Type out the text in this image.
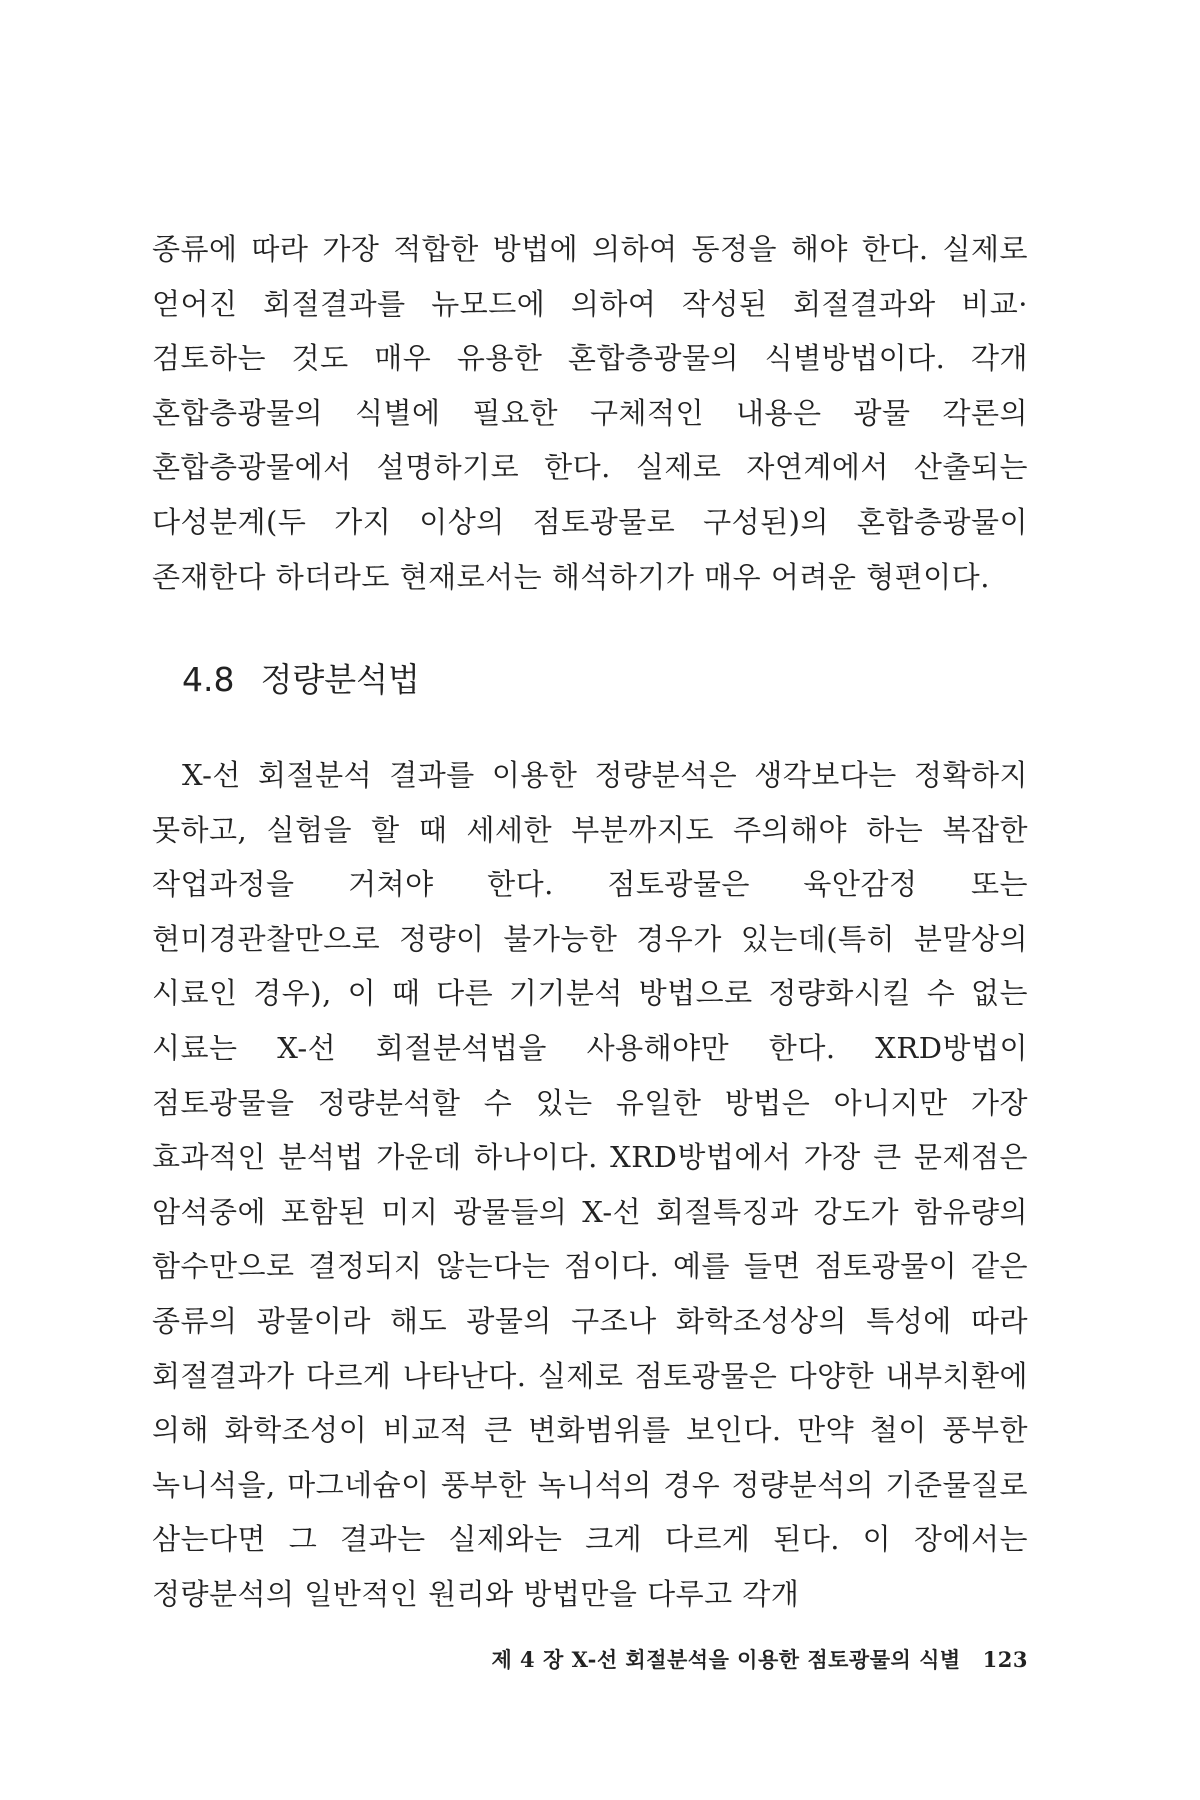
종류에 따라 가장 적합한 방법에 의하여 동정을 해야 한다. 실제로 얻어진 회절결과를 뉴모드에 의하여 작성된 회절결과와 비교·검토하는 것도 매우 유용한 혼합층광물의 식별방법이다. 각개 혼합층광물의 식별에 필요한 구체적인 내용은 광물 각론의 혼합층광물에서 설명하기로 한다. 실제로 자연계에서 산출되는 다성분계(두 가지 이상의 점토광물로 구성된)의 혼합층광물이 존재한다 하더라도 현재로서는 해석하기가 매우 어려운 형편이다.

4.8 정량분석법

X-선 회절분석 결과를 이용한 정량분석은 생각보다는 정확하지 못하고, 실험을 할 때 세세한 부분까지도 주의해야 하는 복잡한 작업과정을 거쳐야 한다. 점토광물은 육안감정 또는 현미경관찰만으로 정량이 불가능한 경우가 있는데(특히 분말상의 시료인 경우), 이 때 다른 기기분석 방법으로 정량화시킬 수 없는 시료는 X-선 회절분석법을 사용해야만 한다. XRD방법이 점토광물을 정량분석할 수 있는 유일한 방법은 아니지만 가장 효과적인 분석법 가운데 하나이다. XRD방법에서 가장 큰 문제점은 암석중에 포함된 미지 광물들의 X-선 회절특징과 강도가 함유량의 함수만으로 결정되지 않는다는 점이다. 예를 들면 점토광물이 같은 종류의 광물이라 해도 광물의 구조나 화학조성상의 특성에 따라 회절결과가 다르게 나타난다. 실제로 점토광물은 다양한 내부치환에 의해 화학조성이 비교적 큰 변화범위를 보인다. 만약 철이 풍부한 녹니석을, 마그네슘이 풍부한 녹니석의 경우 정량분석의 기준물질로 삼는다면 그 결과는 실제와는 크게 다르게 된다. 이 장에서는 정량분석의 일반적인 원리와 방법만을 다루고 각개

제 4 장 X-선 회절분석을 이용한 점토광물의 식별 123
